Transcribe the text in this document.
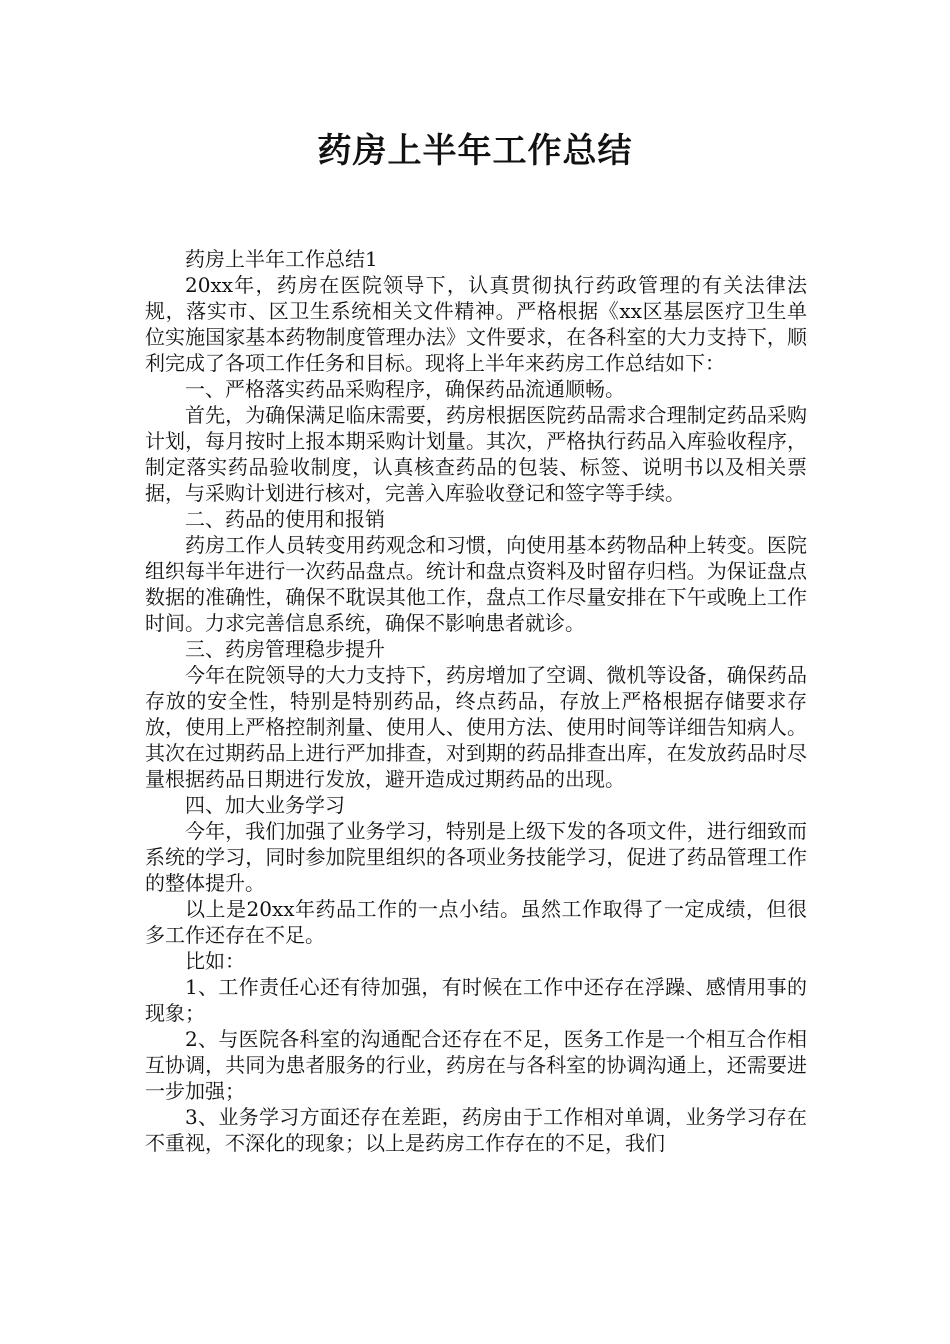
药房上半年工作总结

药房上半年工作总结1

20xx年，药房在医院领导下，认真贯彻执行药政管理的有关法律法规，落实市、区卫生系统相关文件精神。严格根据《xx区基层医疗卫生单位实施国家基本药物制度管理办法》文件要求，在各科室的大力支持下，顺利完成了各项工作任务和目标。现将上半年来药房工作总结如下：

一、严格落实药品采购程序，确保药品流通顺畅。

首先，为确保满足临床需要，药房根据医院药品需求合理制定药品采购计划，每月按时上报本期采购计划量。其次，严格执行药品入库验收程序，制定落实药品验收制度，认真核查药品的包装、标签、说明书以及相关票据，与采购计划进行核对，完善入库验收登记和签字等手续。

二、药品的使用和报销

药房工作人员转变用药观念和习惯，向使用基本药物品种上转变。医院组织每半年进行一次药品盘点。统计和盘点资料及时留存归档。为保证盘点数据的准确性，确保不耽误其他工作，盘点工作尽量安排在下午或晚上工作时间。力求完善信息系统，确保不影响患者就诊。

三、药房管理稳步提升

今年在院领导的大力支持下，药房增加了空调、微机等设备，确保药品存放的安全性，特别是特别药品，终点药品，存放上严格根据存储要求存放，使用上严格控制剂量、使用人、使用方法、使用时间等详细告知病人。其次在过期药品上进行严加排查，对到期的药品排查出库，在发放药品时尽量根据药品日期进行发放，避开造成过期药品的出现。

四、加大业务学习

今年，我们加强了业务学习，特别是上级下发的各项文件，进行细致而系统的学习，同时参加院里组织的各项业务技能学习，促进了药品管理工作的整体提升。

以上是20xx年药品工作的一点小结。虽然工作取得了一定成绩，但很多工作还存在不足。

比如：

1、工作责任心还有待加强，有时候在工作中还存在浮躁、感情用事的现象；

2、与医院各科室的沟通配合还存在不足，医务工作是一个相互合作相互协调，共同为患者服务的行业，药房在与各科室的协调沟通上，还需要进一步加强；

3、业务学习方面还存在差距，药房由于工作相对单调，业务学习存在不重视，不深化的现象；以上是药房工作存在的不足，我们
